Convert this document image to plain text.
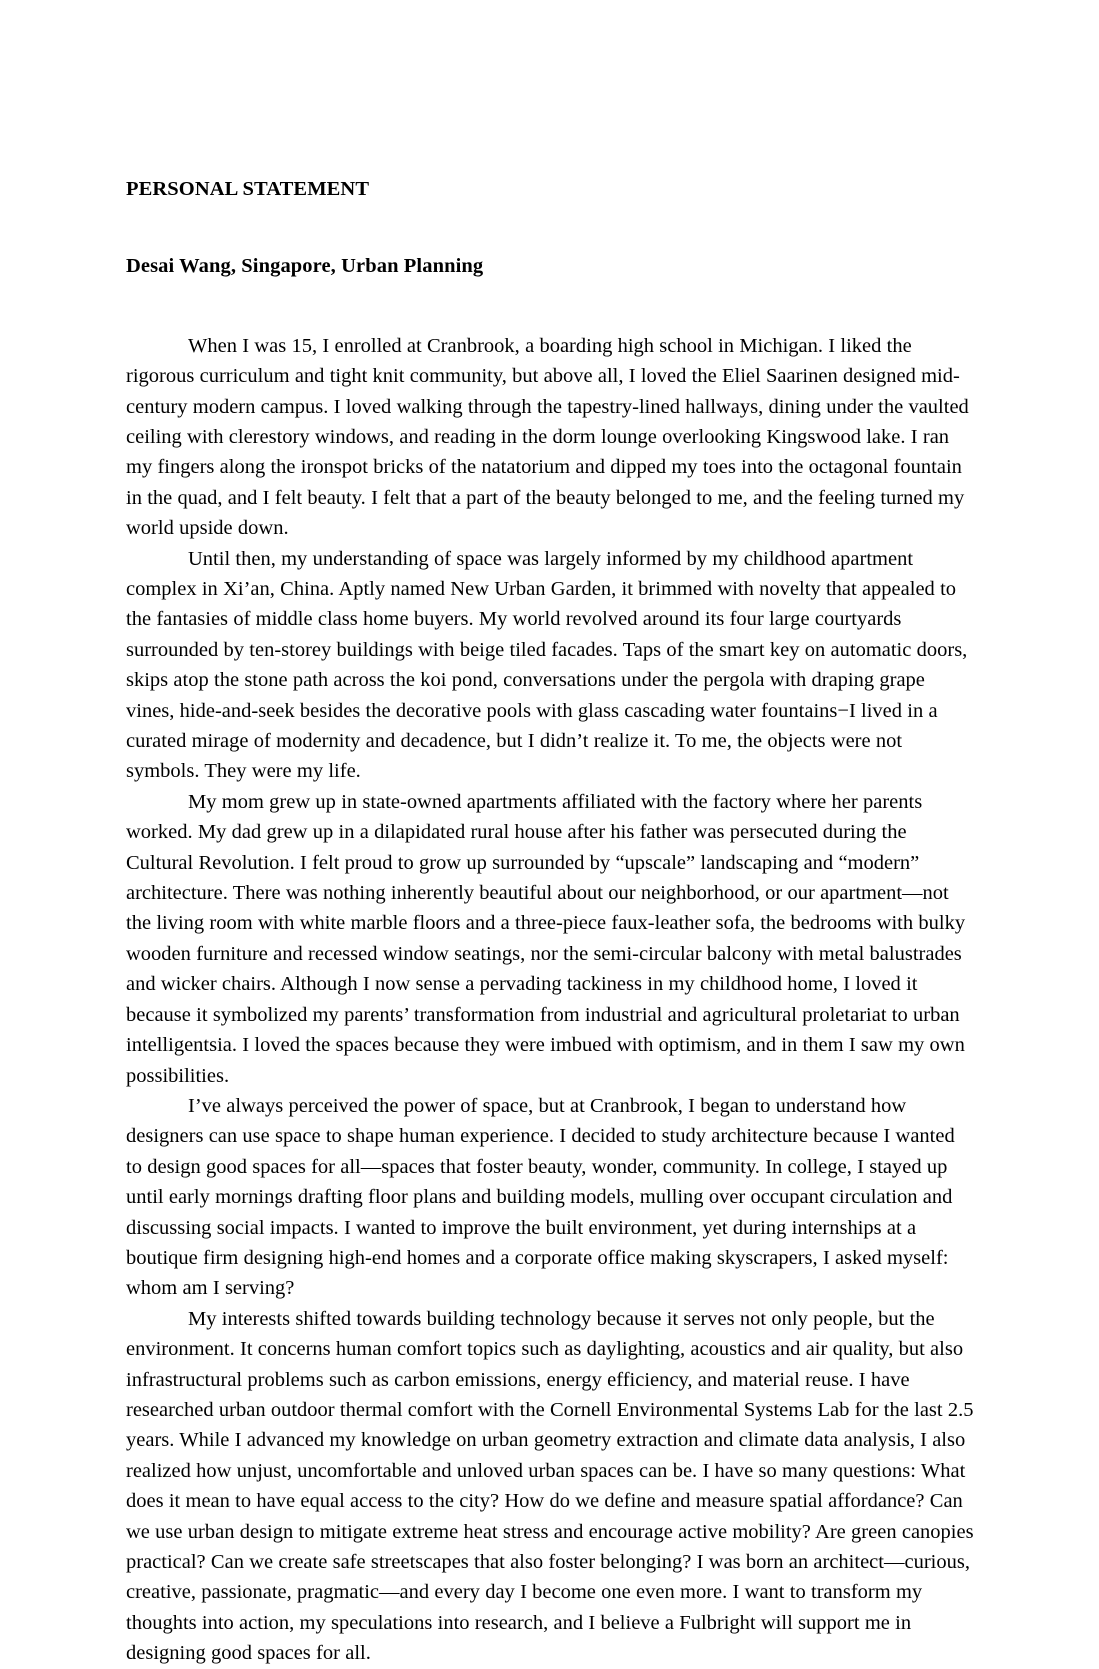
PERSONAL STATEMENT

Desai Wang, Singapore, Urban Planning

When I was 15, I enrolled at Cranbrook, a boarding high school in Michigan. I liked the rigorous curriculum and tight knit community, but above all, I loved the Eliel Saarinen designed mid-century modern campus. I loved walking through the tapestry-lined hallways, dining under the vaulted ceiling with clerestory windows, and reading in the dorm lounge overlooking Kingswood lake. I ran my fingers along the ironspot bricks of the natatorium and dipped my toes into the octagonal fountain in the quad, and I felt beauty. I felt that a part of the beauty belonged to me, and the feeling turned my world upside down.

Until then, my understanding of space was largely informed by my childhood apartment complex in Xi’an, China. Aptly named New Urban Garden, it brimmed with novelty that appealed to the fantasies of middle class home buyers. My world revolved around its four large courtyards surrounded by ten-storey buildings with beige tiled facades. Taps of the smart key on automatic doors, skips atop the stone path across the koi pond, conversations under the pergola with draping grape vines, hide-and-seek besides the decorative pools with glass cascading water fountains−I lived in a curated mirage of modernity and decadence, but I didn’t realize it. To me, the objects were not symbols. They were my life.

My mom grew up in state-owned apartments affiliated with the factory where her parents worked. My dad grew up in a dilapidated rural house after his father was persecuted during the Cultural Revolution. I felt proud to grow up surrounded by “upscale” landscaping and “modern” architecture. There was nothing inherently beautiful about our neighborhood, or our apartment—not the living room with white marble floors and a three-piece faux-leather sofa, the bedrooms with bulky wooden furniture and recessed window seatings, nor the semi-circular balcony with metal balustrades and wicker chairs. Although I now sense a pervading tackiness in my childhood home, I loved it because it symbolized my parents’ transformation from industrial and agricultural proletariat to urban intelligentsia. I loved the spaces because they were imbued with optimism, and in them I saw my own possibilities.

I’ve always perceived the power of space, but at Cranbrook, I began to understand how designers can use space to shape human experience. I decided to study architecture because I wanted to design good spaces for all—spaces that foster beauty, wonder, community. In college, I stayed up until early mornings drafting floor plans and building models, mulling over occupant circulation and discussing social impacts. I wanted to improve the built environment, yet during internships at a boutique firm designing high-end homes and a corporate office making skyscrapers, I asked myself: whom am I serving?

My interests shifted towards building technology because it serves not only people, but the environment. It concerns human comfort topics such as daylighting, acoustics and air quality, but also infrastructural problems such as carbon emissions, energy efficiency, and material reuse. I have researched urban outdoor thermal comfort with the Cornell Environmental Systems Lab for the last 2.5 years. While I advanced my knowledge on urban geometry extraction and climate data analysis, I also realized how unjust, uncomfortable and unloved urban spaces can be. I have so many questions: What does it mean to have equal access to the city? How do we define and measure spatial affordance? Can we use urban design to mitigate extreme heat stress and encourage active mobility? Are green canopies practical? Can we create safe streetscapes that also foster belonging? I was born an architect—curious, creative, passionate, pragmatic—and every day I become one even more. I want to transform my thoughts into action, my speculations into research, and I believe a Fulbright will support me in designing good spaces for all.
